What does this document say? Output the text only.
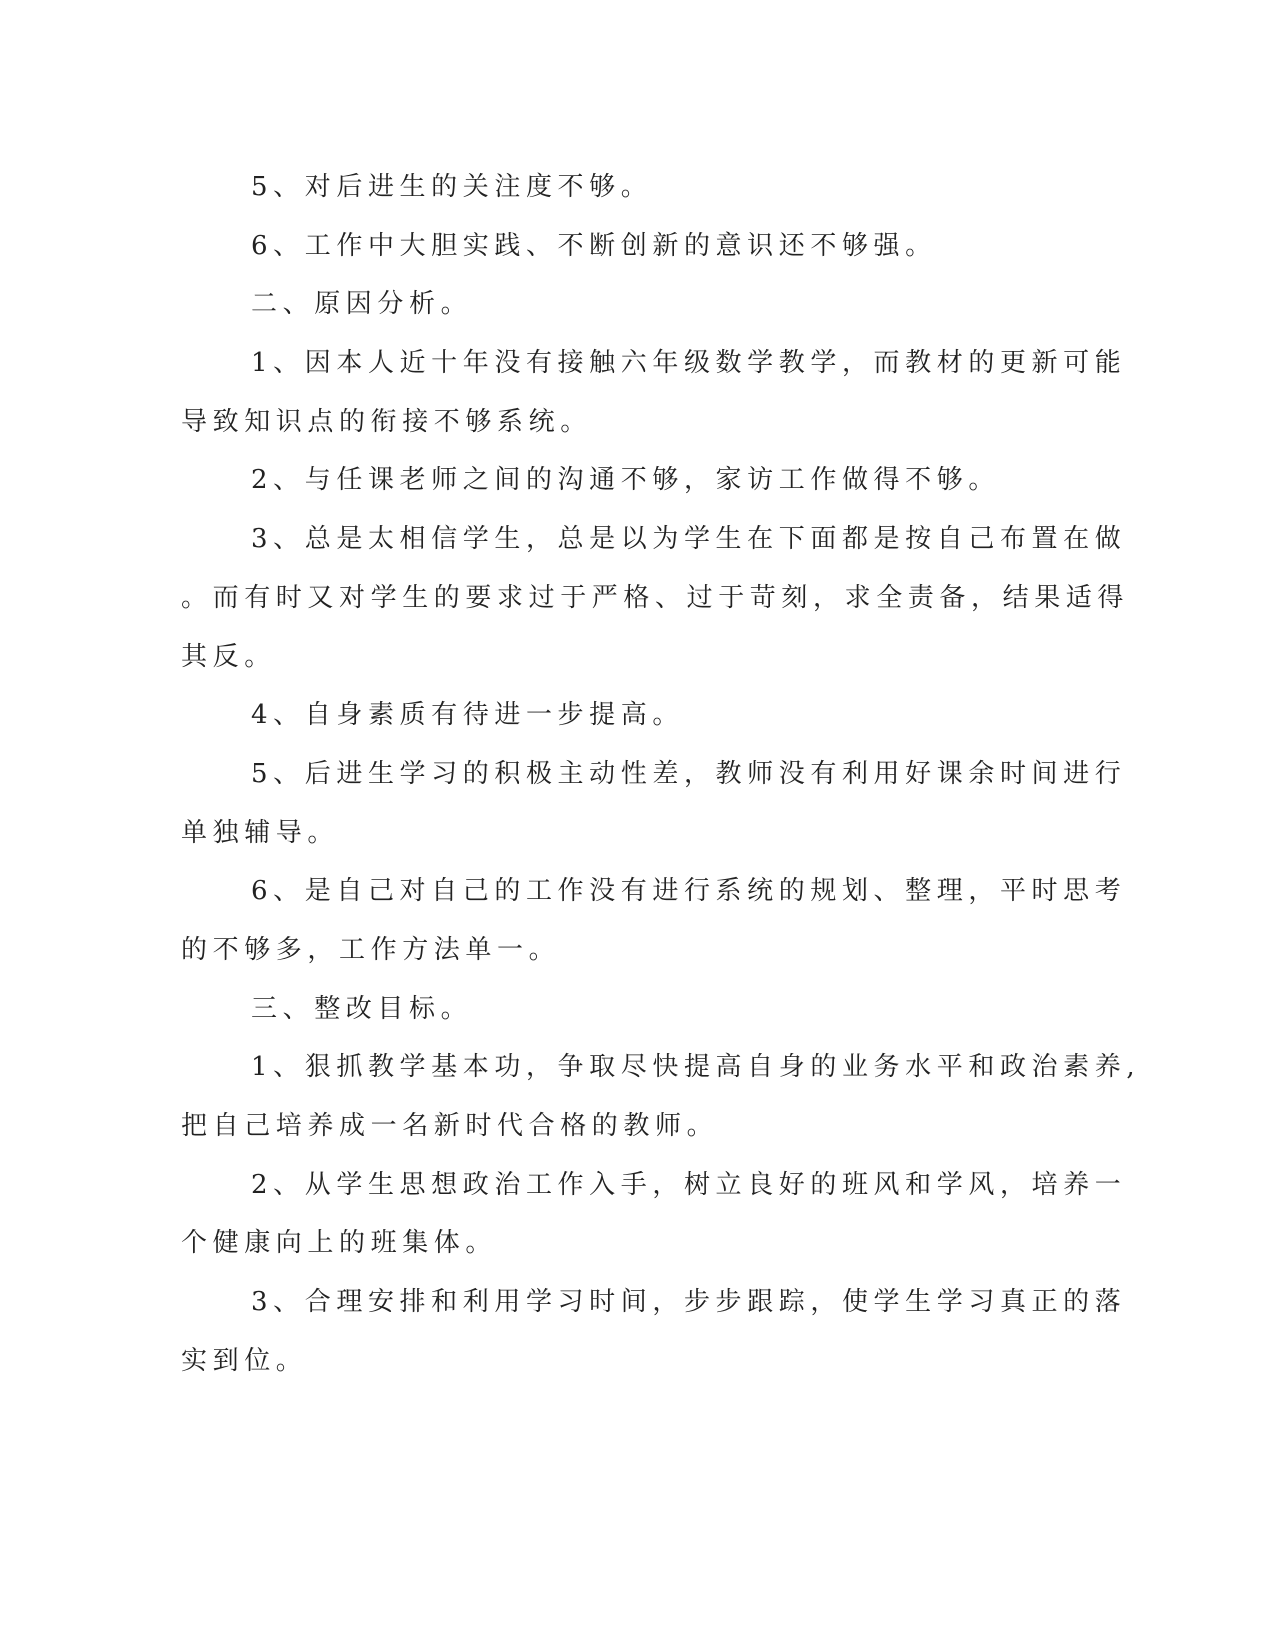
5、对后进生的关注度不够。
6、工作中大胆实践、不断创新的意识还不够强。
二、原因分析。
1、因本人近十年没有接触六年级数学教学，而教材的更新可能
导致知识点的衔接不够系统。
2、与任课老师之间的沟通不够，家访工作做得不够。
3、总是太相信学生，总是以为学生在下面都是按自己布置在做
。而有时又对学生的要求过于严格、过于苛刻，求全责备，结果适得
其反。
4、自身素质有待进一步提高。
5、后进生学习的积极主动性差，教师没有利用好课余时间进行
单独辅导。
6、是自己对自己的工作没有进行系统的规划、整理，平时思考
的不够多，工作方法单一。
三、整改目标。
1、狠抓教学基本功，争取尽快提高自身的业务水平和政治素养,
把自己培养成一名新时代合格的教师。
2、从学生思想政治工作入手，树立良好的班风和学风，培养一
个健康向上的班集体。
3、合理安排和利用学习时间，步步跟踪，使学生学习真正的落
实到位。
